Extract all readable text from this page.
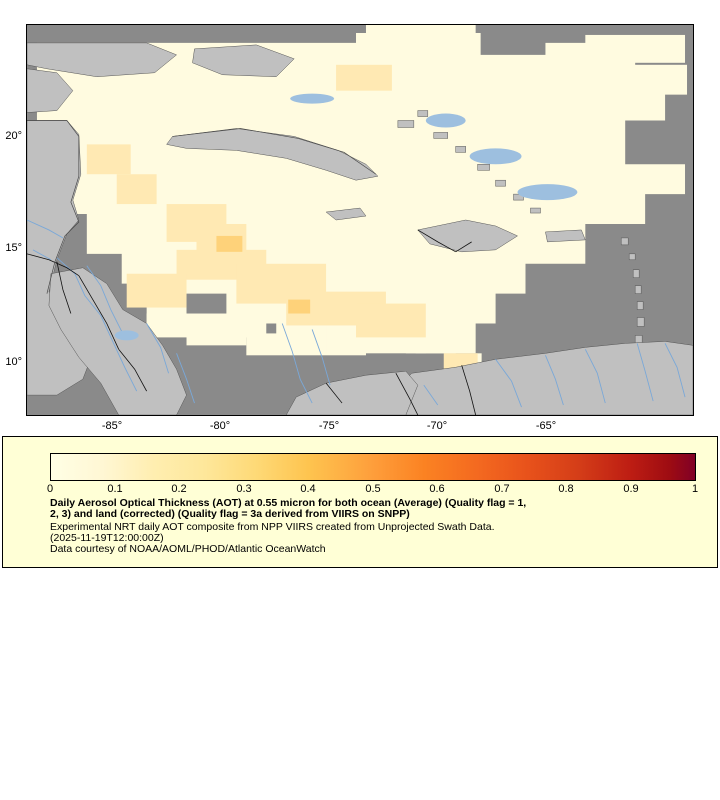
20°
15°
10°
-85°	-80°	-75°	-70°	-65°
0	0.1	0.2	0.3	0.4	0.5	0.6	0.7	0.8	0.9	1
Daily Aerosol Optical Thickness (AOT) at 0.55 micron for both ocean (Average) (Quality flag = 1,
2, 3) and land (corrected) (Quality flag = 3a derived from VIIRS on SNPP)
Experimental NRT daily AOT composite from NPP VIIRS created from Unprojected Swath Data.
(2025-11-19T12:00:00Z)
Data courtesy of NOAA/AOML/PHOD/Atlantic OceanWatch
